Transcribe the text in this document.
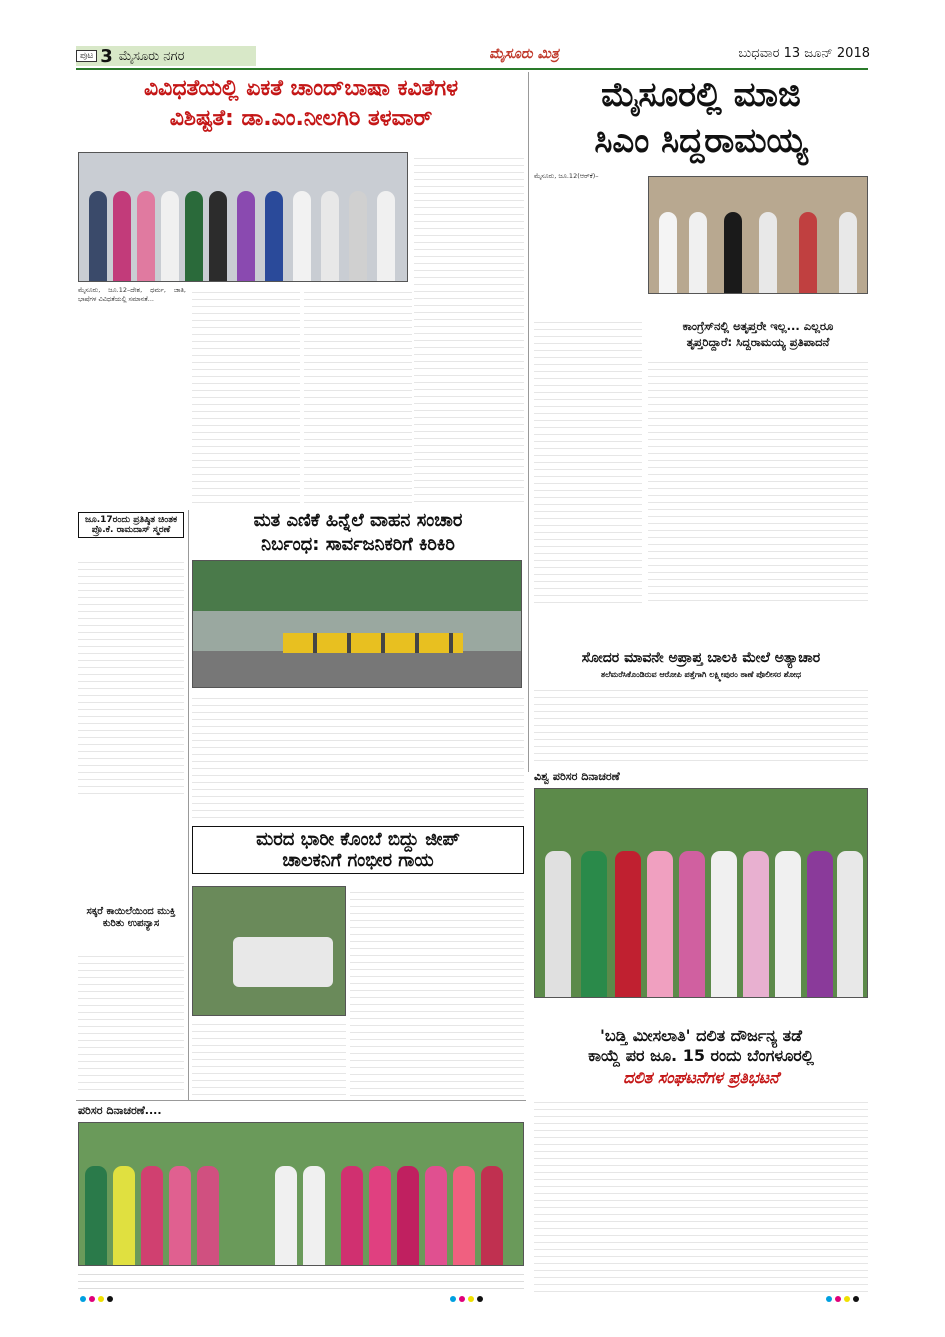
ಪುಟ 3 ಮೈಸೂರು ನಗರ	ಮೈಸೂರು ಮಿತ್ರ	ಬುಧವಾರ 13 ಜೂನ್ 2018
ವಿವಿಧತೆಯಲ್ಲಿ ಏಕತೆ ಚಾಂದ್‌ಬಾಷಾ ಕವಿತೆಗಳ
ವಿಶಿಷ್ಟತೆ: ಡಾ.ಎಂ.ನೀಲಗಿರಿ ತಳವಾರ್
ಮೈಸೂರು, ಜೂ.12–ದೇಶ, ಧರ್ಮ, ಜಾತಿ, ಭಾಷೆಗಳ ವಿವಿಧತೆಯಲ್ಲಿ ಸಮಾನತೆ...
ಮೈಸೂರಲ್ಲಿ ಮಾಜಿ
ಸಿಎಂ ಸಿದ್ದರಾಮಯ್ಯ
ಮೈಸೂರು, ಜೂ.12(ಆರ್‌ಕೆ)–
ಕಾಂಗ್ರೆಸ್‌ನಲ್ಲಿ ಅತೃಪ್ತರೇ ಇಲ್ಲ... ಎಲ್ಲರೂ
ತೃಪ್ತರಿದ್ದಾರೆ: ಸಿದ್ದರಾಮಯ್ಯ ಪ್ರತಿಪಾದನೆ
ಜೂ.17ರಂದು ಪ್ರತಿಷ್ಠಿತ ಚಿಂತಕ ಪ್ರೊ.ಕೆ. ರಾಮದಾಸ್ ಸ್ಮರಣೆ	ಮತ ಎಣಿಕೆ ಹಿನ್ನೆಲೆ ವಾಹನ ಸಂಚಾರ
ನಿರ್ಬಂಧ: ಸಾರ್ವಜನಿಕರಿಗೆ ಕಿರಿಕಿರಿ
ಸೋದರ ಮಾವನೇ ಅಪ್ರಾಪ್ತ ಬಾಲಕಿ ಮೇಲೆ ಅತ್ಯಾಚಾರ
ತಲೆಮರೆಸಿಕೊಂಡಿರುವ ಆರೋಪಿ ಪತ್ತೆಗಾಗಿ ಲಕ್ಷ್ಮೀಪುರಂ ಠಾಣೆ ಪೊಲೀಸರ ಶೋಧ
ವಿಶ್ವ ಪರಿಸರ ದಿನಾಚರಣೆ
ಮರದ ಭಾರೀ ಕೊಂಬೆ ಬಿದ್ದು ಜೀಪ್
ಚಾಲಕನಿಗೆ ಗಂಭೀರ ಗಾಯ
ಸಕ್ಕರೆ ಕಾಯಿಲೆಯಿಂದ ಮುಕ್ತಿ ಕುರಿತು ಉಪನ್ಯಾಸ
'ಬಡ್ತಿ ಮೀಸಲಾತಿ' ದಲಿತ ದೌರ್ಜನ್ಯ ತಡೆ
ಕಾಯ್ದೆ ಪರ ಜೂ. 15 ರಂದು ಬೆಂಗಳೂರಲ್ಲಿ
ದಲಿತ ಸಂಘಟನೆಗಳ ಪ್ರತಿಭಟನೆ
ಪರಿಸರ ದಿನಾಚರಣೆ....
